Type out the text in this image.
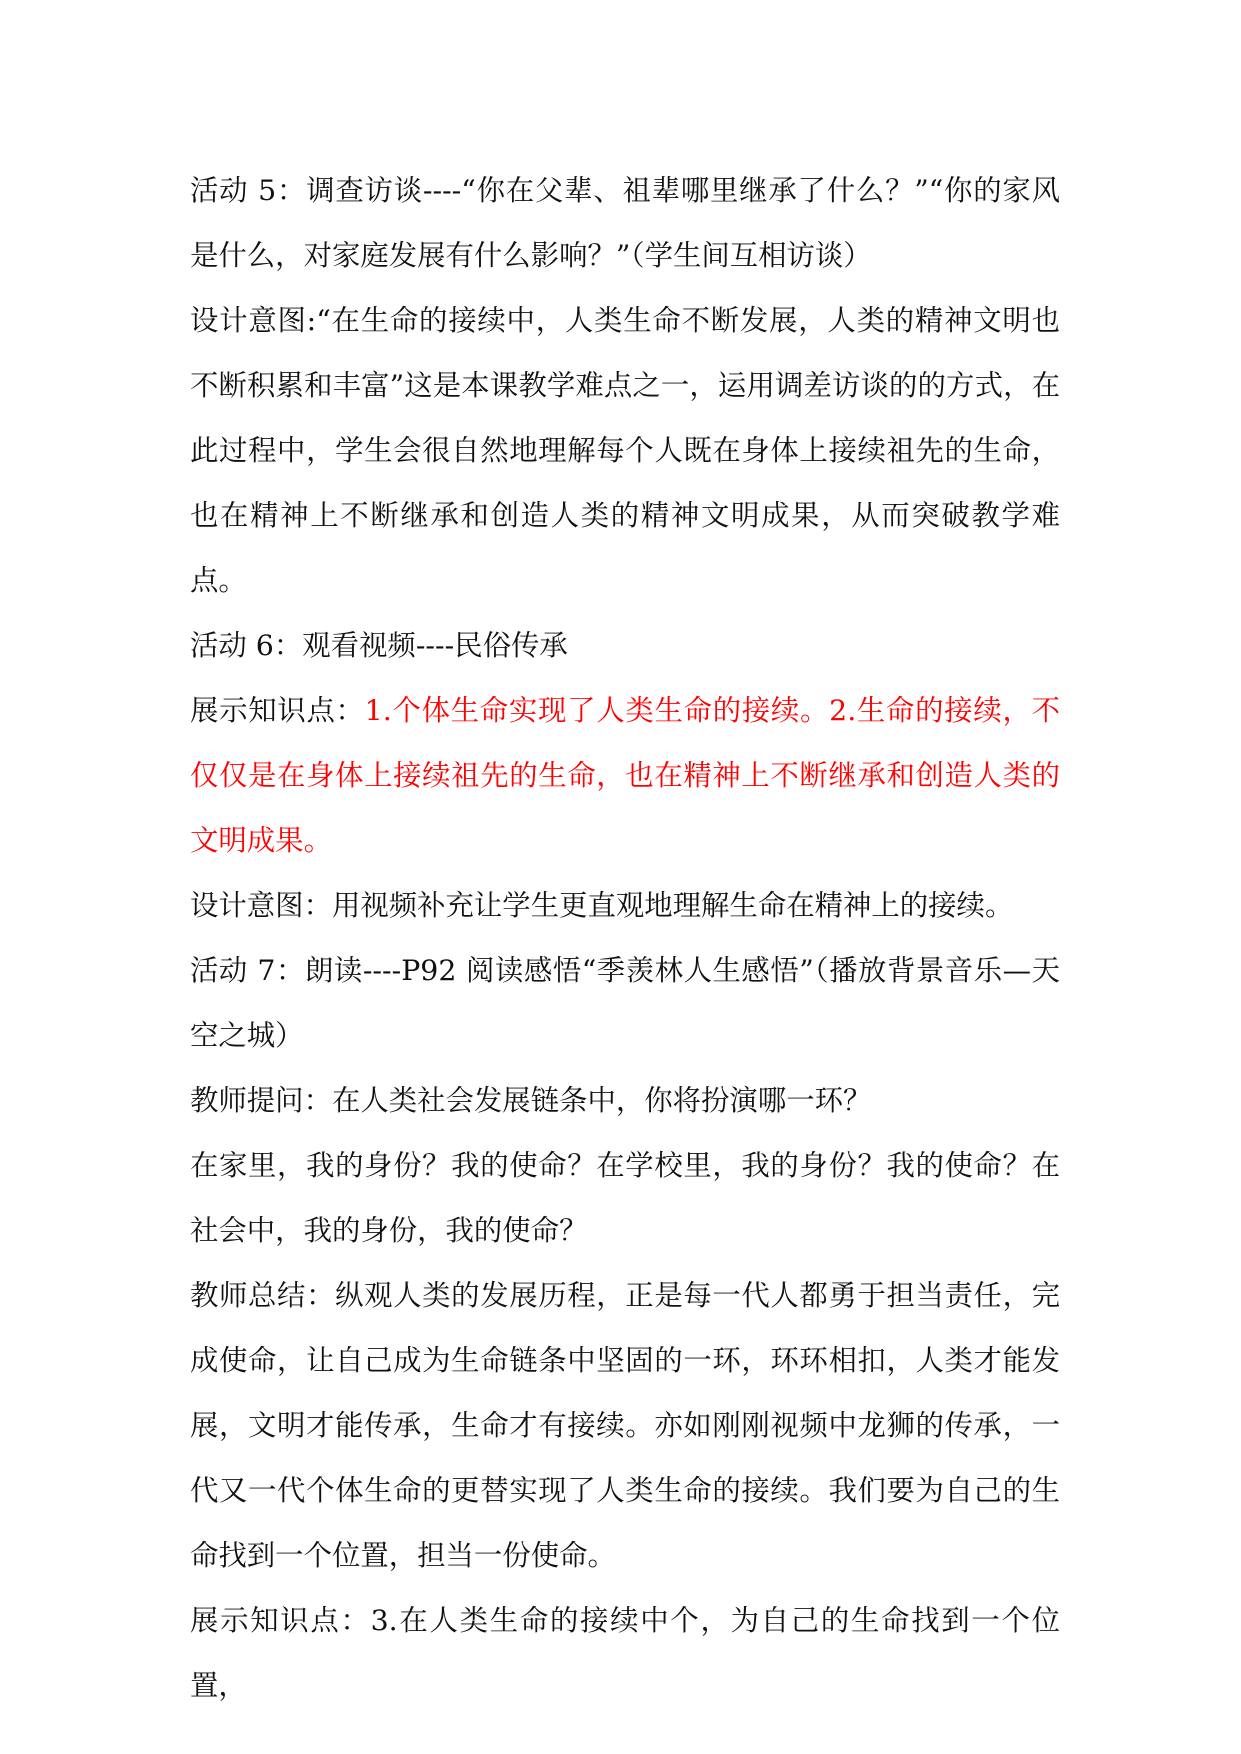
活动 5：调查访谈----“你在父辈、祖辈哪里继承了什么？”“你的家风是什么，对家庭发展有什么影响？”（学生间互相访谈）

设计意图:“在生命的接续中，人类生命不断发展，人类的精神文明也不断积累和丰富”这是本课教学难点之一，运用调差访谈的的方式，在此过程中，学生会很自然地理解每个人既在身体上接续祖先的生命，也在精神上不断继承和创造人类的精神文明成果，从而突破教学难点。

活动 6：观看视频----民俗传承

展示知识点：1.个体生命实现了人类生命的接续。2.生命的接续，不仅仅是在身体上接续祖先的生命，也在精神上不断继承和创造人类的文明成果。

设计意图：用视频补充让学生更直观地理解生命在精神上的接续。

活动 7：朗读----P92 阅读感悟“季羡林人生感悟”（播放背景音乐—天空之城）

教师提问：在人类社会发展链条中，你将扮演哪一环？

在家里，我的身份？我的使命？在学校里，我的身份？我的使命？在社会中，我的身份，我的使命？

教师总结：纵观人类的发展历程，正是每一代人都勇于担当责任，完成使命，让自己成为生命链条中坚固的一环，环环相扣，人类才能发展，文明才能传承，生命才有接续。亦如刚刚视频中龙狮的传承，一代又一代个体生命的更替实现了人类生命的接续。我们要为自己的生命找到一个位置，担当一份使命。

展示知识点：3.在人类生命的接续中个，为自己的生命找到一个位置，
